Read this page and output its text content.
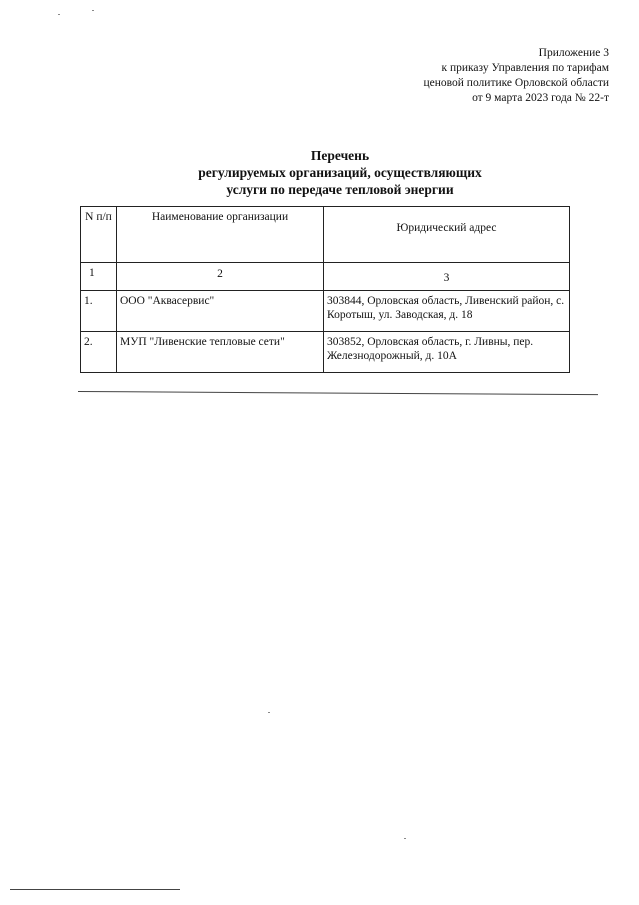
Приложение 3
к приказу Управления по тарифам
ценовой политике Орловской области
от 9 марта 2023 года № 22-т
Перечень
регулируемых организаций, осуществляющих
услуги по передаче тепловой энергии
N п/п	Наименование организации	Юридический адрес
1	2	3
1.	ООО "Аквасервис"	303844, Орловская область, Ливенский район, с. Коротыш, ул. Заводская, д. 18
2.	МУП "Ливенские тепловые сети"	303852, Орловская область, г. Ливны, пер. Железнодорожный, д. 10А
